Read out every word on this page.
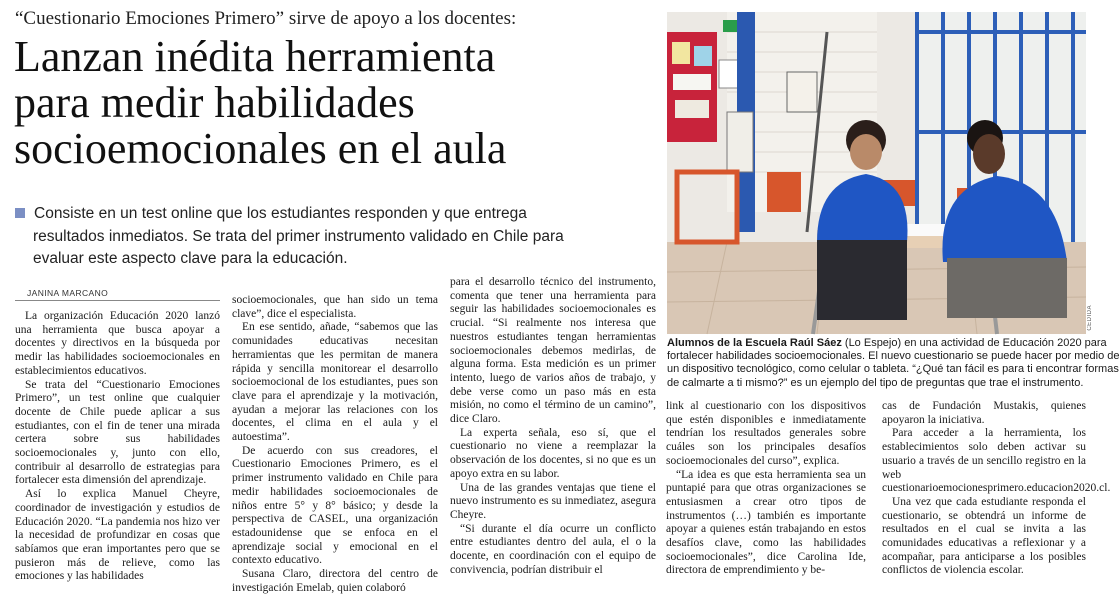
“Cuestionario Emociones Primero” sirve de apoyo a los docentes:
Lanzan inédita herramienta
para medir habilidades
socioemocionales en el aula

Consiste en un test online que los estudiantes responden y que entrega

resultados inmediatos. Se trata del primer instrumento validado en Chile para

evaluar este aspecto clave para la educación.

JANINA MARCANO

La organización Educación 2020 lanzó una herramienta que busca apoyar a docentes y directivos en la búsqueda por medir las habilidades socioemocionales en establecimientos educativos.

Se trata del “Cuestionario Emociones Primero”, un test online que cualquier docente de Chile puede aplicar a sus estudiantes, con el fin de tener una mirada certera sobre sus habilidades socioemocionales y, junto con ello, contribuir al desarrollo de estrategias para fortalecer esta dimensión del aprendizaje.

Así lo explica Manuel Cheyre, coordinador de investigación y estudios de Educación 2020. “La pandemia nos hizo ver la necesidad de profundizar en cosas que sabíamos que eran importantes pero que se pusieron más de relieve, como las emociones y las habilidades

socioemocionales, que han sido un tema clave”, dice el especialista.

En ese sentido, añade, “sabemos que las comunidades educativas necesitan herramientas que les permitan de manera rápida y sencilla monitorear el desarrollo socioemocional de los estudiantes, pues son clave para el aprendizaje y la motivación, ayudan a mejorar las relaciones con los docentes, el clima en el aula y el autoestima”.

De acuerdo con sus creadores, el Cuestionario Emociones Primero, es el primer instrumento validado en Chile para medir habilidades socioemocionales de niños entre 5° y 8° básico; y desde la perspectiva de CASEL, una organización estadounidense que se enfoca en el aprendizaje social y emocional en el contexto educativo.

Susana Claro, directora del centro de investigación Emelab, quien colaboró

para el desarrollo técnico del instrumento, comenta que tener una herramienta para seguir las habilidades socioemocionales es crucial. “Si realmente nos interesa que nuestros estudiantes tengan herramientas socioemocionales debemos medirlas, de alguna forma. Esta medición es un primer intento, luego de varios años de trabajo, y debe verse como un paso más en esta misión, no como el término de un camino”, dice Claro.

La experta señala, eso sí, que el cuestionario no viene a reemplazar la observación de los docentes, si no que es un apoyo extra en su labor.

Una de las grandes ventajas que tiene el nuevo instrumento es su inmediatez, asegura Cheyre.

“Si durante el día ocurre un conflicto entre estudiantes dentro del aula, el o la docente, en coordinación con el equipo de convivencia, podrían distribuir el

CEDIDA

Alumnos de la Escuela Raúl Sáez (Lo Espejo) en una actividad de Educación 2020 para

fortalecer habilidades socioemocionales. El nuevo cuestionario se puede hacer por medio de

un dispositivo tecnológico, como celular o tableta. “¿Qué tan fácil es para ti encontrar formas

de calmarte a ti mismo?” es un ejemplo del tipo de preguntas que trae el instrumento.

link al cuestionario con los dispositivos que estén disponibles e inmediatamente tendrían los resultados generales sobre cuáles son los principales desafíos socioemocionales del curso”, explica.

“La idea es que esta herramienta sea un puntapié para que otras organizaciones se entusiasmen a crear otro tipos de instrumentos (…) también es importante apoyar a quienes están trabajando en estos desafíos clave, como las habilidades socioemocionales”, dice Carolina Ide, directora de emprendimiento y be-

cas de Fundación Mustakis, quienes apoyaron la iniciativa.

Para acceder a la herramienta, los establecimientos solo deben activar su usuario a través de un sencillo registro en la web cuestionarioemocionesprimero.educacion2020.cl.

Una vez que cada estudiante responda el cuestionario, se obtendrá un informe de resultados en el cual se invita a las comunidades educativas a reflexionar y a acompañar, para anticiparse a los posibles conflictos de violencia escolar.
